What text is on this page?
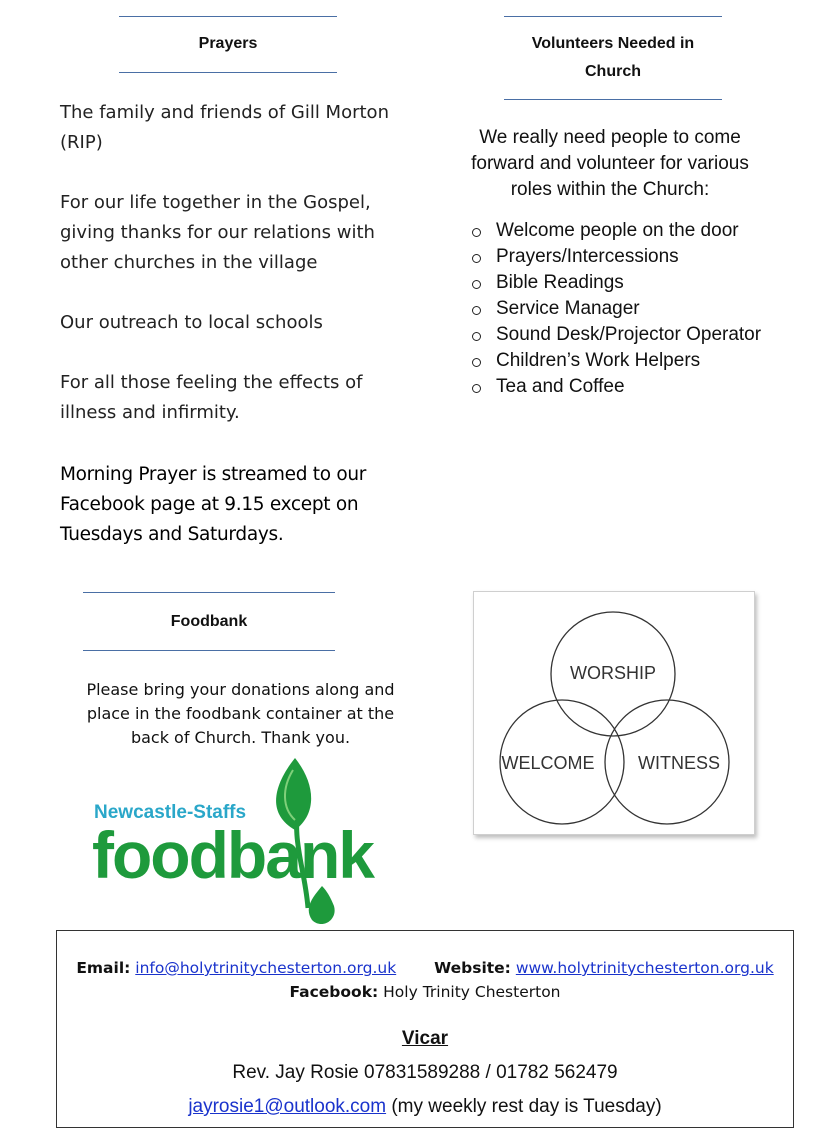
Prayers

The family and friends of Gill Morton (RIP)

For our life together in the Gospel, giving thanks for our relations with other churches in the village

Our outreach to local schools

For all those feeling the effects of illness and infirmity.

Morning Prayer is streamed to our Facebook page at 9.15 except on Tuesdays and Saturdays.
Volunteers Needed in
Church
We really need people to come forward and volunteer for various roles within the Church:
Welcome people on the door
Prayers/Intercessions
Bible Readings
Service Manager
Sound Desk/Projector Operator
Children’s Work Helpers
Tea and Coffee
Foodbank
Please bring your donations along and place in the foodbank container at the back of Church. Thank you.
Newcastle-Staffs
foodbank
WORSHIP
WELCOME WITNESS
Email: info@holytrinitychesterton.org.uk Website: www.holytrinitychesterton.org.uk
Facebook: Holy Trinity Chesterton
Vicar
Rev. Jay Rosie 07831589288 / 01782 562479
jayrosie1@outlook.com (my weekly rest day is Tuesday)
